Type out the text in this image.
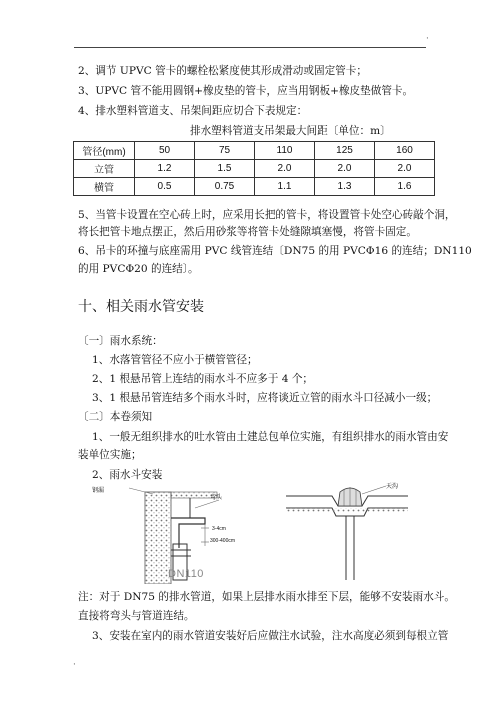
·
2、调节 UPVC 管卡的螺栓松紧度使其形成滑动或固定管卡；
3、UPVC 管不能用圆钢+橡皮垫的管卡，应当用钢板+橡皮垫做管卡。
4、排水塑料管道支、吊架间距应切合下表规定：
排水塑料管道支吊架最大间距〔单位：m〕
管径(mm)	50	75	110	125	160
立管	1.2	1.5	2.0	2.0	2.0
横管	0.5	0.75	1.1	1.3	1.6
5、当管卡设置在空心砖上时，应采用长把的管卡，将设置管卡处空心砖敲个洞，
将长把管卡地点摆正，然后用砂浆等将管卡处缝隙填塞慢，将管卡固定。
6、吊卡的环撞与底座需用 PVC 线管连结〔DN75 的用 PVCΦ16 的连结；DN110
的用 PVCΦ20 的连结〕。
十、相关雨水管安装
〔一〕雨水系统：
1、水落管管径不应小于横管管径；
2、1 根悬吊管上连结的雨水斗不应多于 4 个；
3、1 根悬吊管连结多个雨水斗时，应将谈近立管的雨水斗口径减小一级；
〔二〕本卷须知
1、一般无组织排水的吐水管由土建总包单位实施，有组织排水的雨水管由安
装单位实施；
2、雨水斗安装
钢漏
弯头
3-4cm
300-400cm
DN110
天沟
注：对于 DN75 的排水管道，如果上层排水雨水排至下层，能够不安装雨水斗。
直接将弯头与管道连结。
3、安装在室内的雨水管道安装好后应做注水试验，注水高度必须到每根立管
·
